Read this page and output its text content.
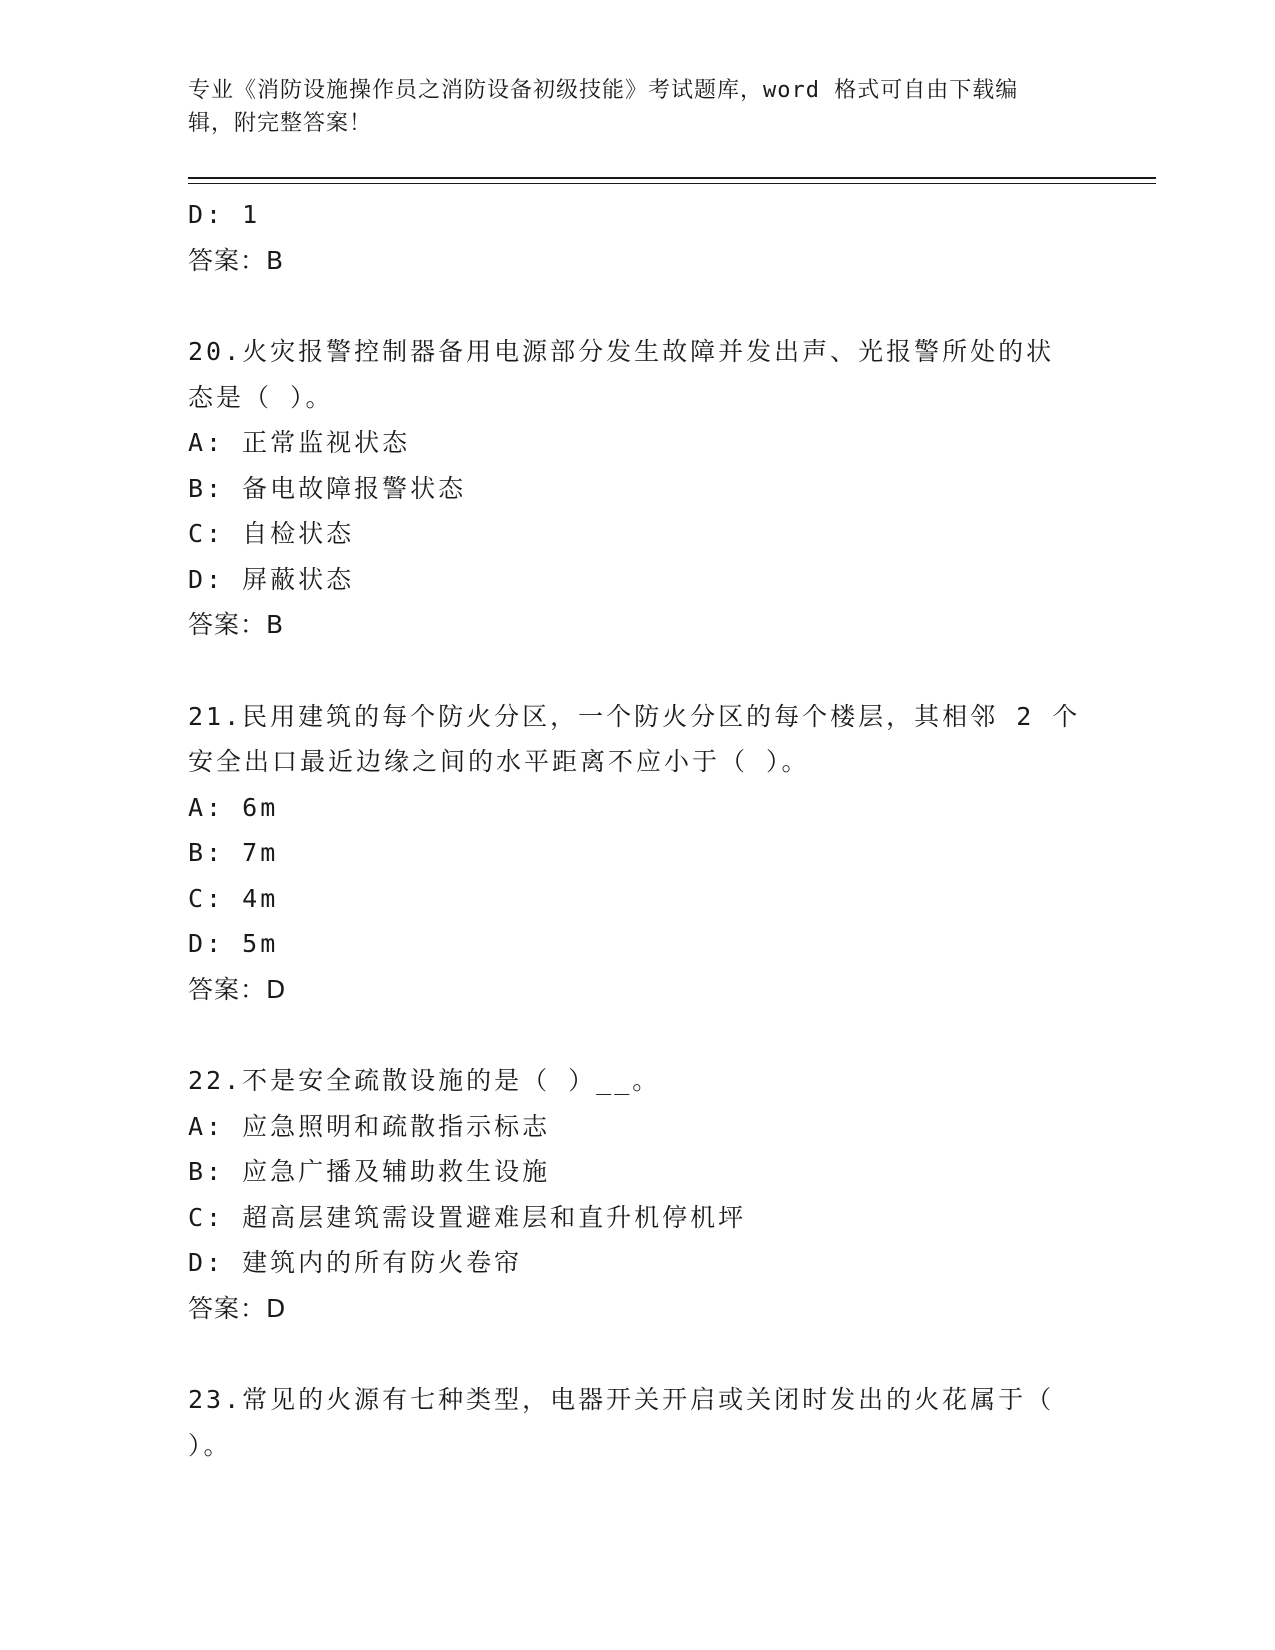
专业《消防设施操作员之消防设备初级技能》考试题库，word 格式可自由下载编
辑，附完整答案！
D: 1
答案：B
20.火灾报警控制器备用电源部分发生故障并发出声、光报警所处的状
态是（ ）。
A: 正常监视状态
B: 备电故障报警状态
C: 自检状态
D: 屏蔽状态
答案：B
21.民用建筑的每个防火分区，一个防火分区的每个楼层，其相邻 2 个
安全出口最近边缘之间的水平距离不应小于（ ）。
A: 6m
B: 7m
C: 4m
D: 5m
答案：D
22.不是安全疏散设施的是（ ）__。
A: 应急照明和疏散指示标志
B: 应急广播及辅助救生设施
C: 超高层建筑需设置避难层和直升机停机坪
D: 建筑内的所有防火卷帘
答案：D
23.常见的火源有七种类型，电器开关开启或关闭时发出的火花属于（
）。
